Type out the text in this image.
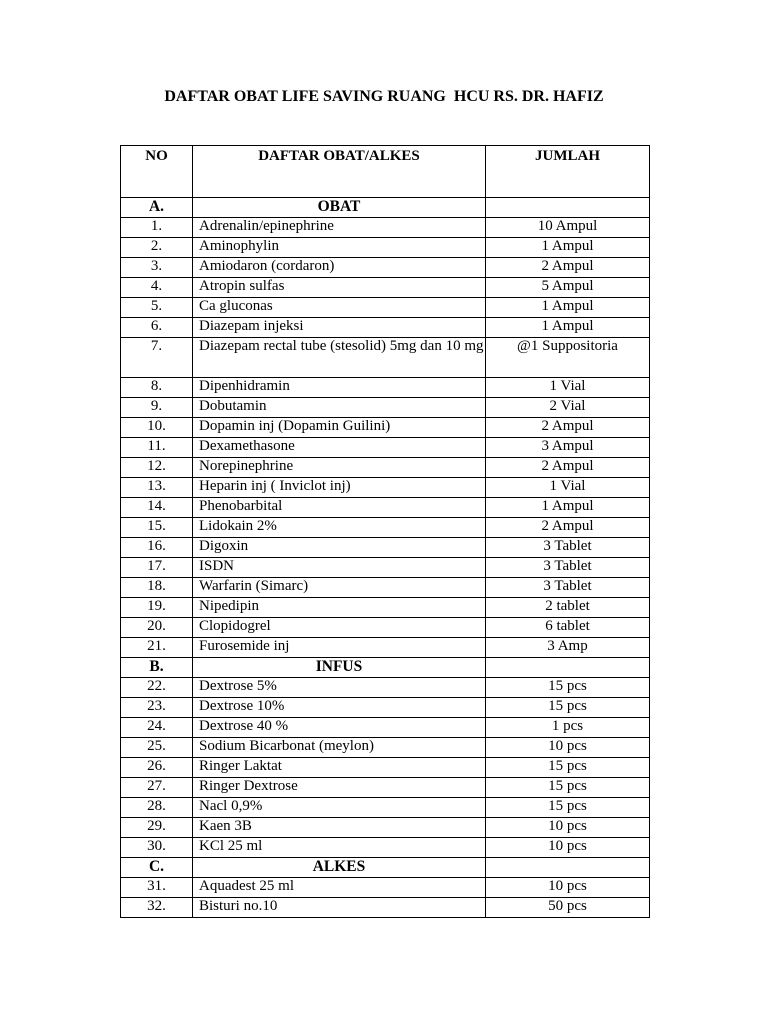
DAFTAR OBAT LIFE SAVING RUANG  HCU RS. DR. HAFIZ
NO	DAFTAR OBAT/ALKES	JUMLAH
A.	OBAT	
1.	Adrenalin/epinephrine	10 Ampul
2.	Aminophylin	1 Ampul
3.	Amiodaron (cordaron)	2 Ampul
4.	Atropin sulfas	5 Ampul
5.	Ca gluconas	1 Ampul
6.	Diazepam injeksi	1 Ampul
7.	Diazepam rectal tube (stesolid) 5mg dan 10 mg	@1 Suppositoria
8.	Dipenhidramin	1 Vial
9.	Dobutamin	2 Vial
10.	Dopamin inj (Dopamin Guilini)	2 Ampul
11.	Dexamethasone	3 Ampul
12.	Norepinephrine	2 Ampul
13.	Heparin inj ( Inviclot inj)	1 Vial
14.	Phenobarbital	1 Ampul
15.	Lidokain 2%	2 Ampul
16.	Digoxin	3 Tablet
17.	ISDN	3 Tablet
18.	Warfarin (Simarc)	3 Tablet
19.	Nipedipin	2 tablet
20.	Clopidogrel	6 tablet
21.	Furosemide inj	3 Amp
B.	INFUS	
22.	Dextrose 5%	15 pcs
23.	Dextrose 10%	15 pcs
24.	Dextrose 40 %	1 pcs
25.	Sodium Bicarbonat (meylon)	10 pcs
26.	Ringer Laktat	15 pcs
27.	Ringer Dextrose	15 pcs
28.	Nacl 0,9%	15 pcs
29.	Kaen 3B	10 pcs
30.	KCl 25 ml	10 pcs
C.	ALKES	
31.	Aquadest 25 ml	10 pcs
32.	Bisturi no.10	50 pcs
